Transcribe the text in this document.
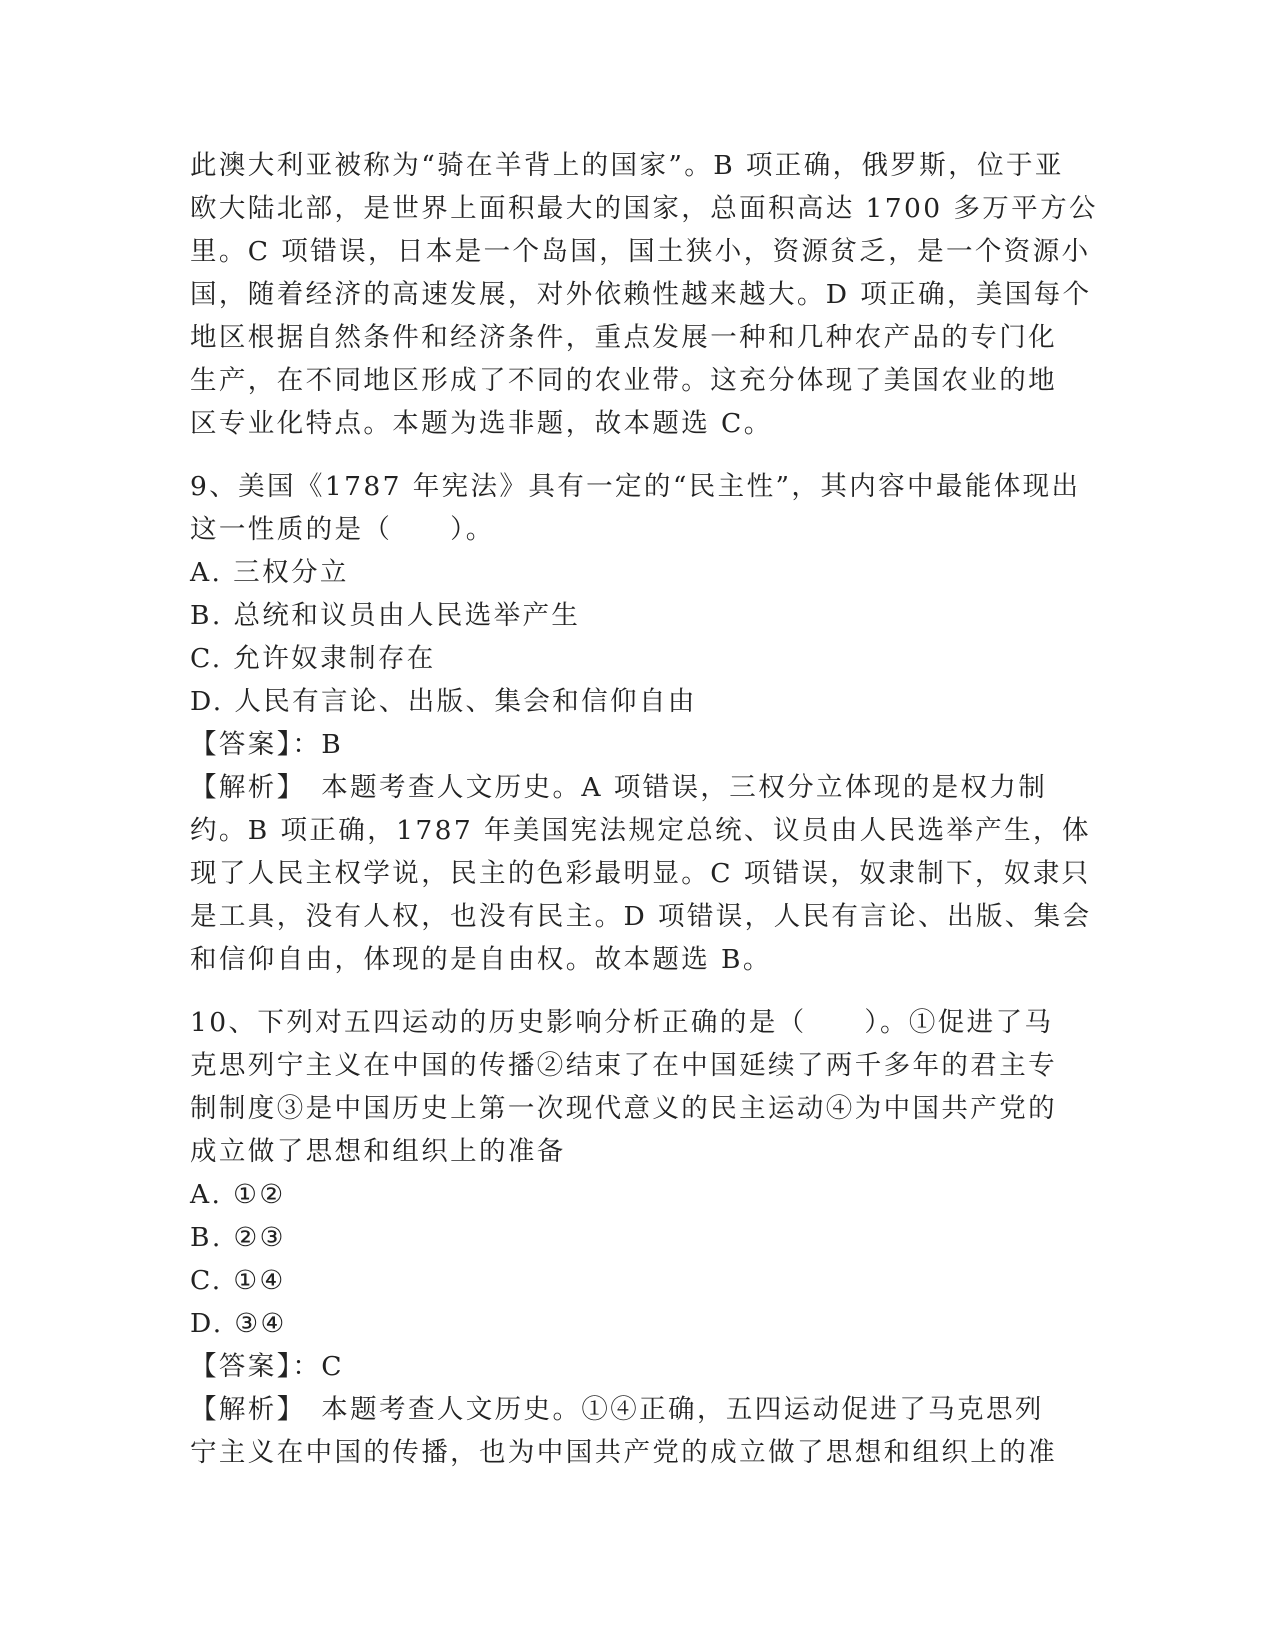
此澳大利亚被称为“骑在羊背上的国家”。B 项正确，俄罗斯，位于亚
欧大陆北部，是世界上面积最大的国家，总面积高达 1700 多万平方公
里。C 项错误，日本是一个岛国，国土狭小，资源贫乏，是一个资源小
国，随着经济的高速发展，对外依赖性越来越大。D 项正确，美国每个
地区根据自然条件和经济条件，重点发展一种和几种农产品的专门化
生产，在不同地区形成了不同的农业带。这充分体现了美国农业的地
区专业化特点。本题为选非题，故本题选 C。
9、美国《1787 年宪法》具有一定的“民主性”，其内容中最能体现出
这一性质的是（　　）。
A. 三权分立
B. 总统和议员由人民选举产生
C. 允许奴隶制存在
D. 人民有言论、出版、集会和信仰自由
【答案】：B
【解析】　本题考查人文历史。A 项错误，三权分立体现的是权力制
约。B 项正确，1787 年美国宪法规定总统、议员由人民选举产生，体
现了人民主权学说，民主的色彩最明显。C 项错误，奴隶制下，奴隶只
是工具，没有人权，也没有民主。D 项错误，人民有言论、出版、集会
和信仰自由，体现的是自由权。故本题选 B。
10、下列对五四运动的历史影响分析正确的是（　　）。①促进了马
克思列宁主义在中国的传播②结束了在中国延续了两千多年的君主专
制制度③是中国历史上第一次现代意义的民主运动④为中国共产党的
成立做了思想和组织上的准备
A. ①②
B. ②③
C. ①④
D. ③④
【答案】：C
【解析】　本题考查人文历史。①④正确，五四运动促进了马克思列
宁主义在中国的传播，也为中国共产党的成立做了思想和组织上的准
